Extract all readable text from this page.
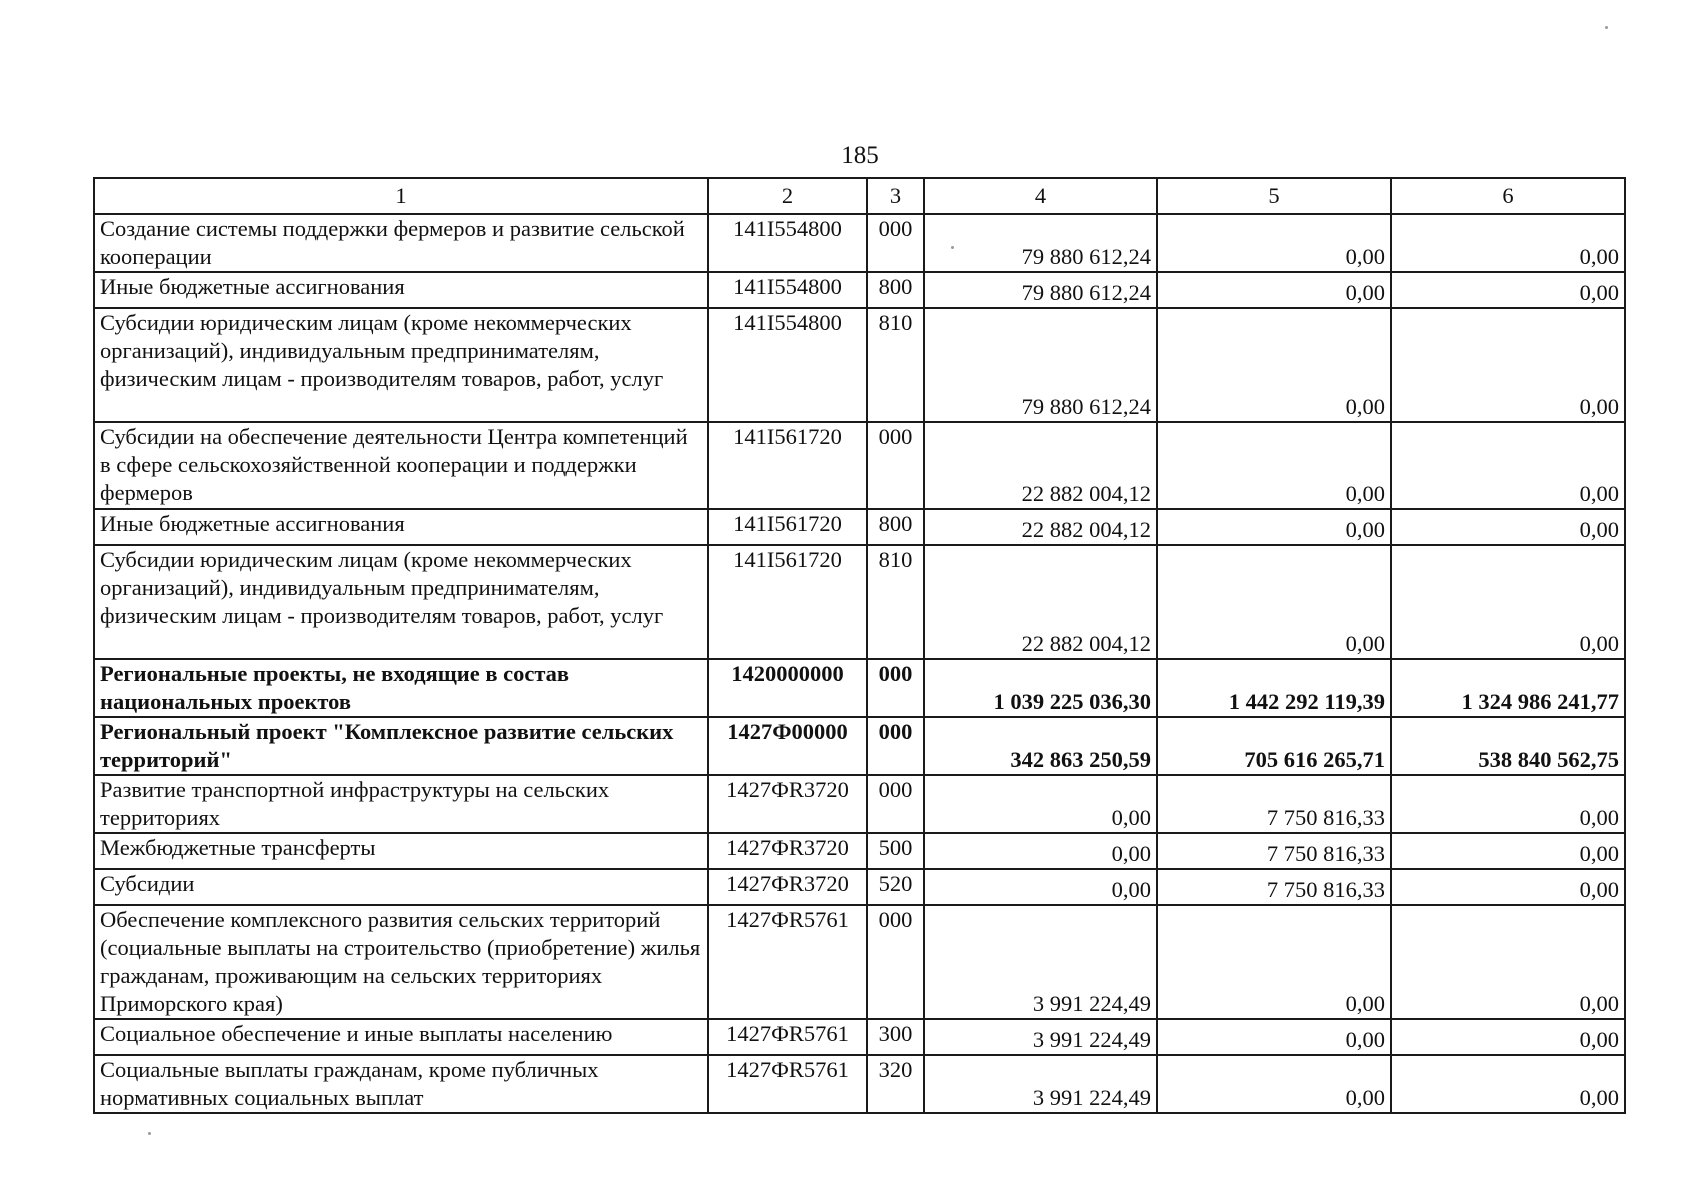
185
1	2	3	4	5	6
Создание системы поддержки фермеров и развитие сельской кооперации	141I554800	000	79 880 612,24	0,00	0,00
Иные бюджетные ассигнования	141I554800	800	79 880 612,24	0,00	0,00
Субсидии юридическим лицам (кроме некоммерческих организаций), индивидуальным предпринимателям, физическим лицам - производителям товаров, работ, услуг	141I554800	810	79 880 612,24	0,00	0,00
Субсидии на обеспечение деятельности Центра компетенций в сфере сельскохозяйственной кооперации и поддержки фермеров	141I561720	000	22 882 004,12	0,00	0,00
Иные бюджетные ассигнования	141I561720	800	22 882 004,12	0,00	0,00
Субсидии юридическим лицам (кроме некоммерческих организаций), индивидуальным предпринимателям, физическим лицам - производителям товаров, работ, услуг	141I561720	810	22 882 004,12	0,00	0,00
Региональные проекты, не входящие в состав национальных проектов	1420000000	000	1 039 225 036,30	1 442 292 119,39	1 324 986 241,77
Региональный проект "Комплексное развитие сельских территорий"	1427Ф00000	000	342 863 250,59	705 616 265,71	538 840 562,75
Развитие транспортной инфраструктуры на сельских территориях	1427ФR3720	000	0,00	7 750 816,33	0,00
Межбюджетные трансферты	1427ФR3720	500	0,00	7 750 816,33	0,00
Субсидии	1427ФR3720	520	0,00	7 750 816,33	0,00
Обеспечение комплексного развития сельских территорий (социальные выплаты на строительство (приобретение) жилья гражданам, проживающим на сельских территориях Приморского края)	1427ФR5761	000	3 991 224,49	0,00	0,00
Социальное обеспечение и иные выплаты населению	1427ФR5761	300	3 991 224,49	0,00	0,00
Социальные выплаты гражданам, кроме публичных нормативных социальных выплат	1427ФR5761	320	3 991 224,49	0,00	0,00
